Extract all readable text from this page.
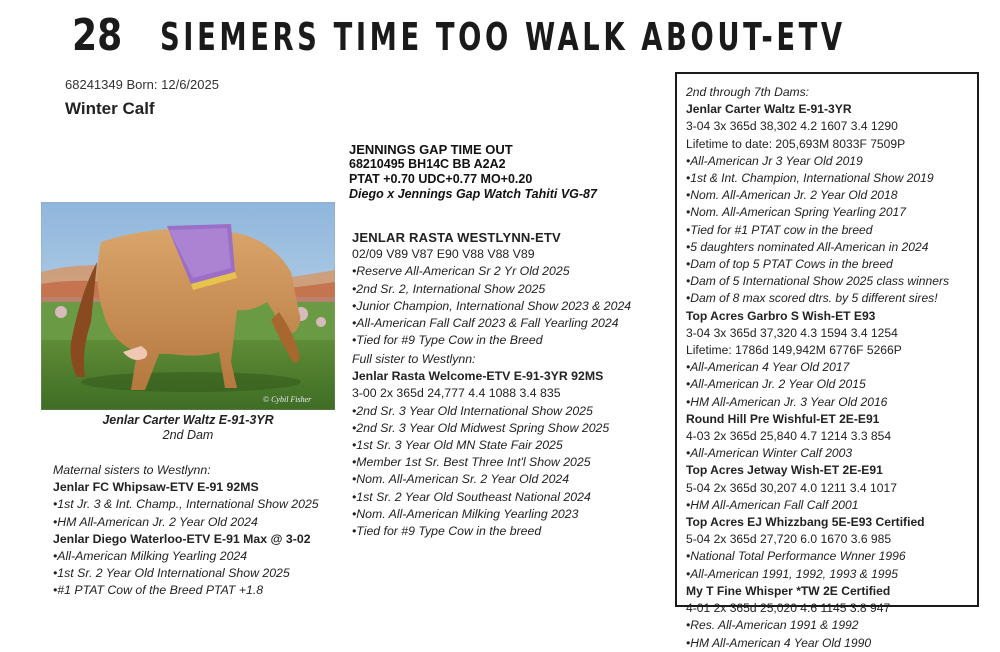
28 SIEMERS TIME TOO WALK ABOUT-ETV
68241349 Born: 12/6/2025
Winter Calf
JENNINGS GAP TIME OUT
68210495 BH14C BB A2A2
PTAT +0.70 UDC+0.77 MO+0.20
Diego x Jennings Gap Watch Tahiti VG-87
© Cybil Fisher
Jenlar Carter Waltz E-91-3YR
2nd Dam
JENLAR RASTA WESTLYNN-ETV
02/09 V89 V87 E90 V88 V88 V89
•Reserve All-American Sr 2 Yr Old 2025
•2nd Sr. 2, International Show 2025
•Junior Champion, International Show 2023 & 2024
•All-American Fall Calf 2023 & Fall Yearling 2024
•Tied for #9 Type Cow in the Breed
Full sister to Westlynn:
Jenlar Rasta Welcome-ETV E-91-3YR 92MS
3-00 2x 365d 24,777 4.4 1088 3.4 835
•2nd Sr. 3 Year Old International Show 2025
•2nd Sr. 3 Year Old Midwest Spring Show 2025
•1st Sr. 3 Year Old MN State Fair 2025
•Member 1st Sr. Best Three Int'l Show 2025
•Nom. All-American Sr. 2 Year Old 2024
•1st Sr. 2 Year Old Southeast National 2024
•Nom. All-American Milking Yearling 2023
•Tied for #9 Type Cow in the breed
Maternal sisters to Westlynn:
Jenlar FC Whipsaw-ETV E-91 92MS
•1st Jr. 3 & Int. Champ., International Show 2025
•HM All-American Jr. 2 Year Old 2024
Jenlar Diego Waterloo-ETV E-91 Max @ 3-02
•All-American Milking Yearling 2024
•1st Sr. 2 Year Old International Show 2025
•#1 PTAT Cow of the Breed PTAT +1.8
2nd through 7th Dams:
Jenlar Carter Waltz E-91-3YR
3-04 3x 365d 38,302 4.2 1607 3.4 1290
Lifetime to date: 205,693M 8033F 7509P
•All-American Jr 3 Year Old 2019
•1st & Int. Champion, International Show 2019
•Nom. All-American Jr. 2 Year Old 2018
•Nom. All-American Spring Yearling 2017
•Tied for #1 PTAT cow in the breed
•5 daughters nominated All-American in 2024
•Dam of top 5 PTAT Cows in the breed
•Dam of 5 International Show 2025 class winners
•Dam of 8 max scored dtrs. by 5 different sires!
Top Acres Garbro S Wish-ET E93
3-04 3x 365d 37,320 4.3 1594 3.4 1254
Lifetime: 1786d 149,942M 6776F 5266P
•All-American 4 Year Old 2017
•All-American Jr. 2 Year Old 2015
•HM All-American Jr. 3 Year Old 2016
Round Hill Pre Wishful-ET 2E-E91
4-03 2x 365d 25,840 4.7 1214 3.3 854
•All-American Winter Calf 2003
Top Acres Jetway Wish-ET 2E-E91
5-04 2x 365d 30,207 4.0 1211 3.4 1017
•HM All-American Fall Calf 2001
Top Acres EJ Whizzbang 5E-E93 Certified
5-04 2x 365d 27,720 6.0 1670 3.6 985
•National Total Performance Wnner 1996
•All-American 1991, 1992, 1993 & 1995
My T Fine Whisper *TW 2E Certified
4-01 2x 365d 25,020 4.6 1145 3.8 947
•Res. All-American 1991 & 1992
•HM All-American 4 Year Old 1990
